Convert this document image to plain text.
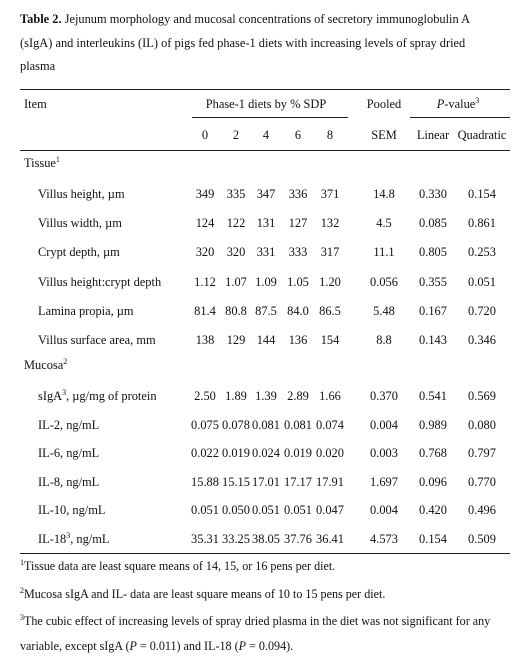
Table 2. Jejunum morphology and mucosal concentrations of secretory immunoglobulin A
(sIgA) and interleukins (IL) of pigs fed phase-1 diets with increasing levels of spray dried
plasma
Item	Phase-1 diets by % SDP	Pooled	P-value$^3$
0 2 4 6 8	SEM Linear Quadratic
Tissue$^1$
Villus height, µm	349 335 347 336 371	14.8 0.330 0.154
Villus width, µm	124 122 131 127 132	4.5 0.085 0.861
Crypt depth, µm	320 320 331 333 317	11.1 0.805 0.253
Villus height:crypt depth	1.12 1.07 1.09 1.05 1.20 0.056 0.355 0.051
Lamina propia, µm	81.4 80.8 87.5 84.0 86.5	5.48 0.167 0.720
Villus surface area, mm	138 129 144 136 154	8.8 0.143 0.346
Mucosa$^2$
sIgA$^3$, µg/mg of protein	2.50 1.89 1.39 2.89 1.66 0.370 0.541 0.569
IL-2, ng/mL	0.075 0.078 0.081 0.081 0.074 0.004 0.989 0.080
IL-6, ng/mL	0.022 0.019 0.024 0.019 0.020 0.003 0.768 0.797
IL-8, ng/mL	15.88 15.15 17.01 17.17 17.91 1.697 0.096 0.770
IL-10, ng/mL	0.051 0.050 0.051 0.051 0.047 0.004 0.420 0.496
$IL-18^3$, ng/mL	35.31 33.25 38.05 37.76 36.41 4.573 0.154 0.509
$^1$Tissue data are least square means of 14, 15, or 16 pens per diet.
$^2$Mucosa sIgA and IL- data are least square means of 10 to 15 pens per diet.
$^3$The cubic effect of increasing levels of spray dried plasma in the diet was not significant for any
variable, except sIgA (P = 0.011) and IL-18 (P = 0.094).
